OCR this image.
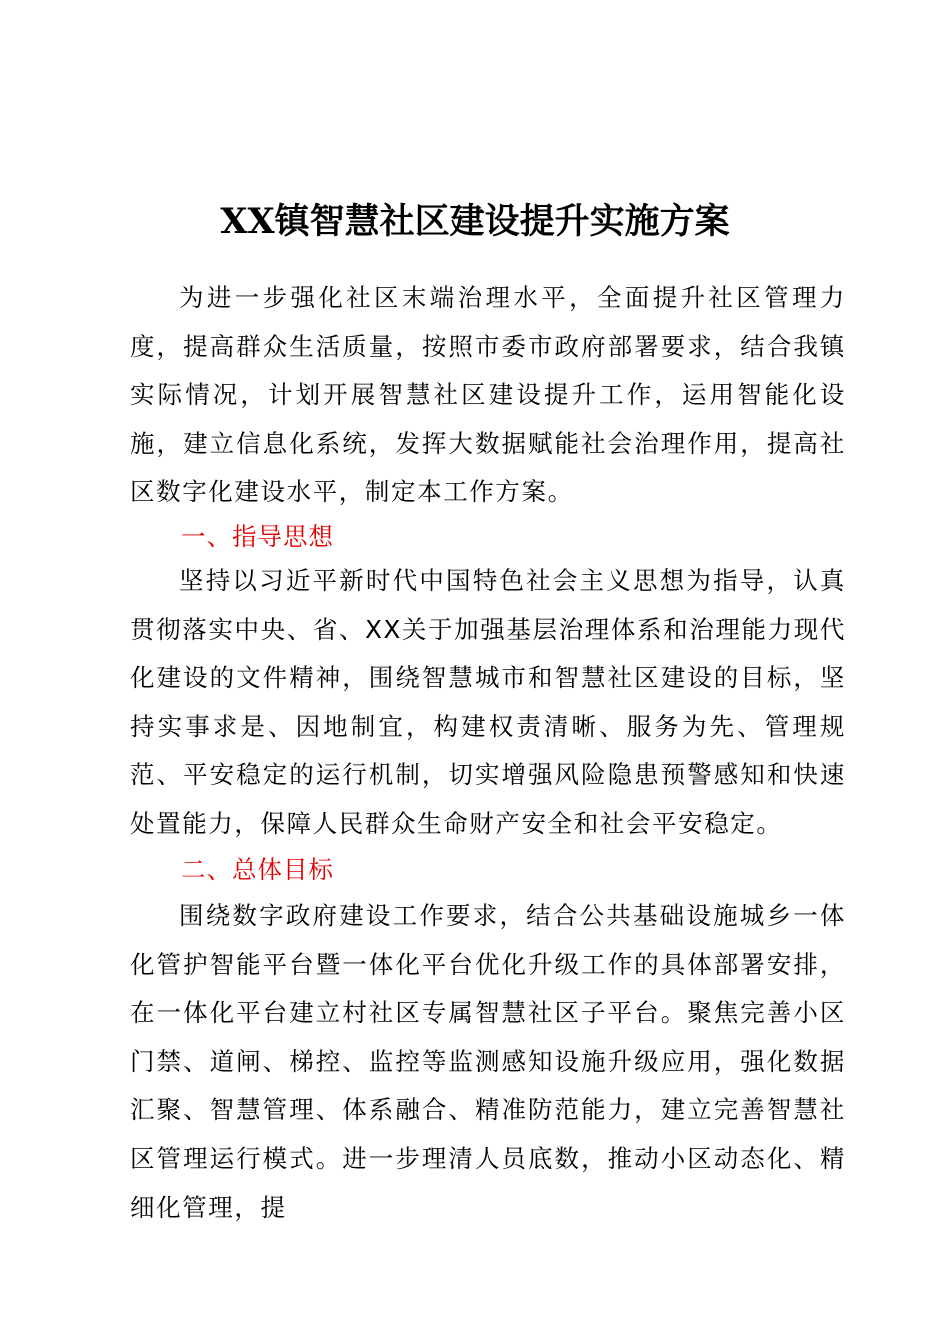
XX镇智慧社区建设提升实施方案

为进一步强化社区末端治理水平，全面提升社区管理力度，提高群众生活质量，按照市委市政府部署要求，结合我镇实际情况，计划开展智慧社区建设提升工作，运用智能化设施，建立信息化系统，发挥大数据赋能社会治理作用，提高社区数字化建设水平，制定本工作方案。

一、指导思想

坚持以习近平新时代中国特色社会主义思想为指导，认真贯彻落实中央、省、XX关于加强基层治理体系和治理能力现代化建设的文件精神，围绕智慧城市和智慧社区建设的目标，坚持实事求是、因地制宜，构建权责清晰、服务为先、管理规范、平安稳定的运行机制，切实增强风险隐患预警感知和快速处置能力，保障人民群众生命财产安全和社会平安稳定。

二、总体目标

围绕数字政府建设工作要求，结合公共基础设施城乡一体化管护智能平台暨一体化平台优化升级工作的具体部署安排，在一体化平台建立村社区专属智慧社区子平台。聚焦完善小区门禁、道闸、梯控、监控等监测感知设施升级应用，强化数据汇聚、智慧管理、体系融合、精准防范能力，建立完善智慧社区管理运行模式。进一步理清人员底数，推动小区动态化、精细化管理，提
